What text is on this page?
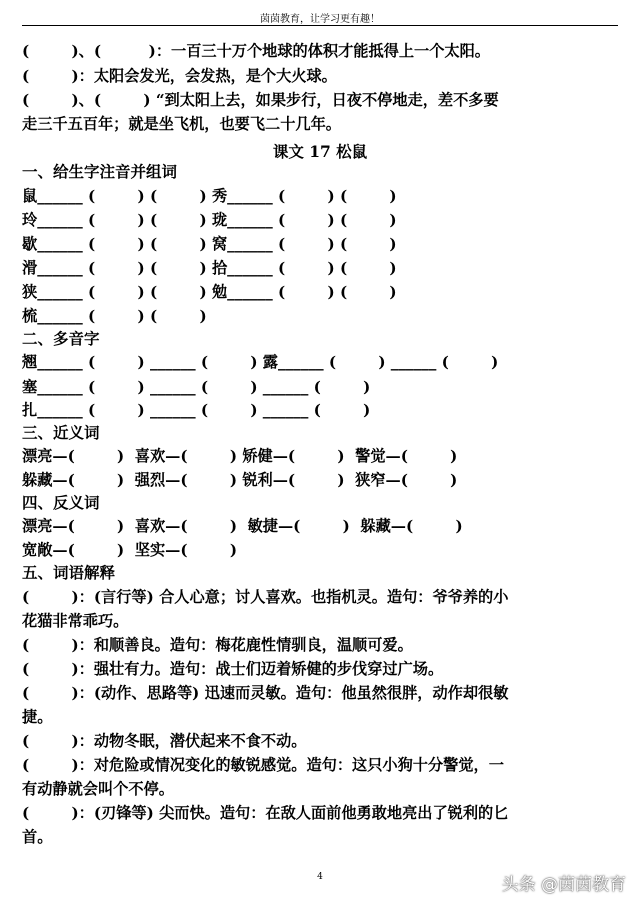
茵茵教育，让学习更有趣！
(        )、(         )：一百三十万个地球的体积才能抵得上一个太阳。
(        )：太阳会发光，会发热，是个大火球。
(        )、(        ) “到太阳上去，如果步行，日夜不停地走，差不多要
走三千五百年；就是坐飞机，也要飞二十几年。
课文 17 松鼠
一、给生字注音并组词
鼠______ (        ) (        ) 秀______ (        ) (        )
玲______ (        ) (        ) 珑______ (        ) (        )
歇______ (        ) (        ) 窝______ (        ) (        )
滑______ (        ) (        ) 拾______ (        ) (        )
狭______ (        ) (        ) 勉______ (        ) (        )
梳______ (        ) (        )
二、多音字
翘______ (        ) ______ (        ) 露______ (        ) ______ (        )
塞______ (        ) ______ (        ) ______ (        )
扎______ (        ) ______ (        ) ______ (        )
三、近义词
漂亮—(        )  喜欢—(        ) 矫健—(        )  警觉—(        )
躲藏—(        )  强烈—(        ) 锐利—(        )  狭窄—(        )
四、反义词
漂亮—(        )  喜欢—(        )  敏捷—(        )  躲藏—(        )
宽敞—(        )  坚实—(        )
五、词语解释
(        )：(言行等) 合人心意；讨人喜欢。也指机灵。造句：爷爷养的小
花猫非常乖巧。
(        )：和顺善良。造句：梅花鹿性情驯良，温顺可爱。
(        )：强壮有力。造句：战士们迈着矫健的步伐穿过广场。
(        )：(动作、思路等) 迅速而灵敏。造句：他虽然很胖，动作却很敏
捷。
(        )：动物冬眠，潜伏起来不食不动。
(        )：对危险或情况变化的敏锐感觉。造句：这只小狗十分警觉，一
有动静就会叫个不停。
(        )：(刃锋等) 尖而快。造句：在敌人面前他勇敢地亮出了锐利的匕
首。
4	头条 @茵茵教育
